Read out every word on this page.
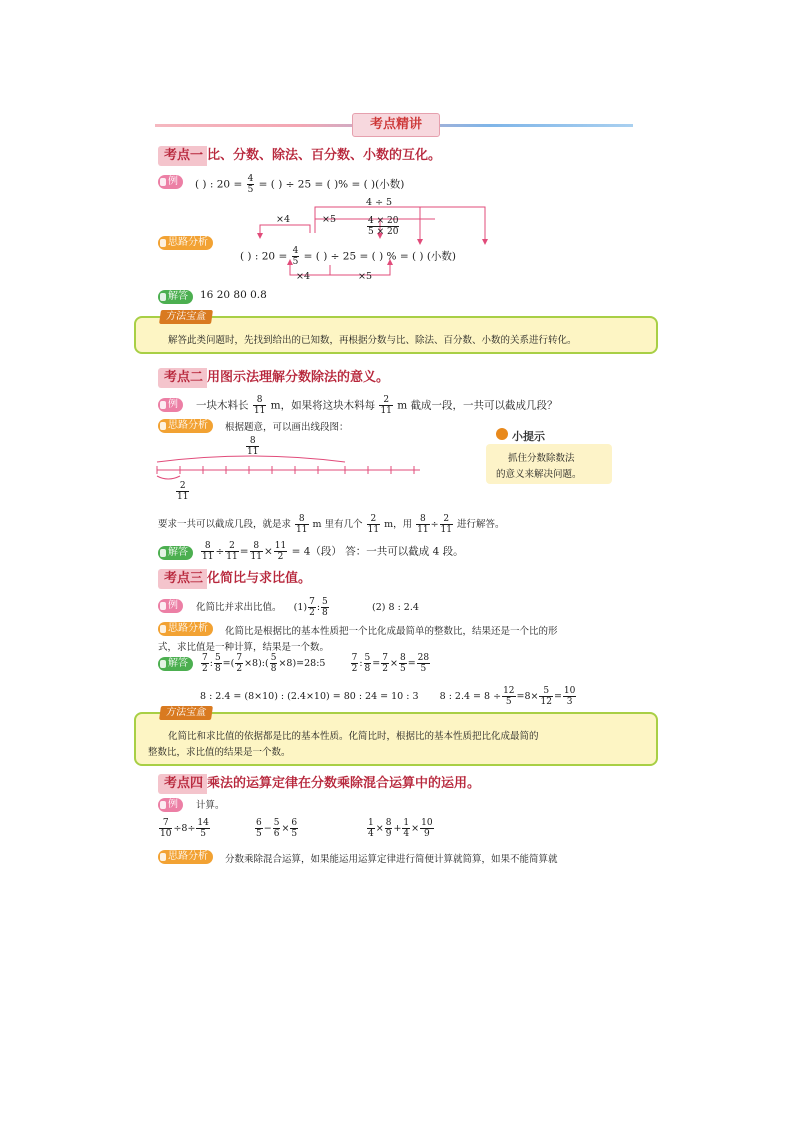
考点精讲
考点一 比、分数、除法、百分数、小数的互化。
例	( ) : $20 = \frac{4}{5}$ = ( ) ÷ 25 = ( )% = ( )(小数)
4 ÷ 5
×4	×5	$\frac{4 \times 20}{5 \times 20}$
思路分析
( ) : $20 = \frac{4}{5}$ = ( ) ÷ 25 = ( ) % = ( ) (小数)
×4	×5
解答	16 20 80 0.8
方法宝盒
解答此类问题时，先找到给出的已知数，再根据分数与比、除法、百分数、小数的关系进行转化。
考点二 用图示法理解分数除法的意义。
例	一块木料长 $\frac{8}{11}$ m，如果将这块木料每 $\frac{2}{11}$ m 截成一段，一共可以截成几段？
思路分析	根据题意，可以画出线段图：
$\frac{8}{11}$
$\frac{2}{11}$
小提示
抓住分数除数法
的意义来解决问题。
要求一共可以截成几段，就是求 $\frac{8}{11}$ m 里有几个 $\frac{2}{11}$ m，用 $\frac{8}{11} \div \frac{2}{11}$ 进行解答。
解答	$\frac{8}{11} \div \frac{2}{11} = \frac{8}{11} \times \frac{11}{2} = 4$（段） 答：一共可以截成 4 段。
考点三 化简比与求比值。
例	化简比并求出比值。 $(1) \frac{7}{2}$ : $\frac{5}{8}$	(2) 8 : 2.4
思路分析	化简比是根据比的基本性质把一个比化成最简单的整数比，结果还是一个比的形
式，求比值是一种计算，结果是一个数。
解答	$\frac{7}{2}$ : $\frac{5}{8}$ =( $\frac{7}{2}$ ×8):( $\frac{5}{8}$ ×8)=28:5 $\frac{7}{2}$ : $\frac{5}{8} = \frac{7}{2} \times \frac{8}{5} = \frac{28}{5}$
8 : 2.4 = (8×10) : (2.4×10) = 80 : 24 = 10 : 3 8 : $2.4 = 8 \div \frac{12}{5} =8\times \frac{5}{12} = \frac{10}{3}$
方法宝盒
化简比和求比值的依据都是比的基本性质。化简比时，根据比的基本性质把比化成最简的
整数比，求比值的结果是一个数。
考点四 乘法的运算定律在分数乘除混合运算中的运用。
例	计算。
$\frac{7}{10} \div 8\div \frac{14}{5}$	$\frac{6}{5} - \frac{5}{6} \times \frac{6}{5}$	$\frac{1}{4} \times \frac{8}{9} + \frac{1}{4} \times \frac{10}{9}$
思路分析	分数乘除混合运算，如果能运用运算定律进行简便计算就简算，如果不能简算就
